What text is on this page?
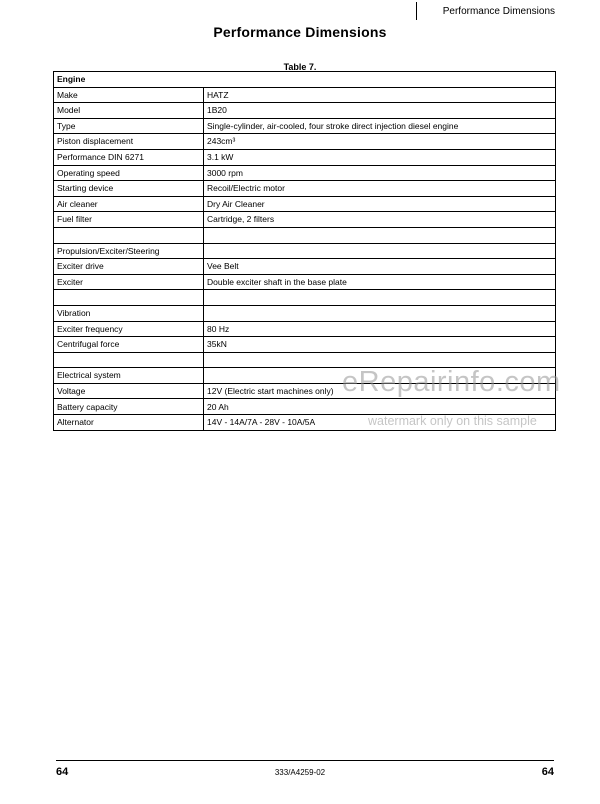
Performance Dimensions
Performance Dimensions
Table 7.
Engine	
Make	HATZ
Model	1B20
Type	Single-cylinder, air-cooled, four stroke direct injection diesel engine
Piston displacement	243cm³
Performance DIN 6271	3.1 kW
Operating speed	3000 rpm
Starting device	Recoil/Electric motor
Air cleaner	Dry Air Cleaner
Fuel filter	Cartridge, 2 filters

Propulsion/Exciter/Steering	
Exciter drive	Vee Belt
Exciter	Double exciter shaft in the base plate

Vibration	
Exciter frequency	80 Hz
Centrifugal force	35kN

Electrical system	
Voltage	12V (Electric start machines only)
Battery capacity	20 Ah
Alternator	14V - 14A/7A - 28V - 10A/5A
eRepairinfo.com
watermark only on this sample
64	333/A4259-02	64
